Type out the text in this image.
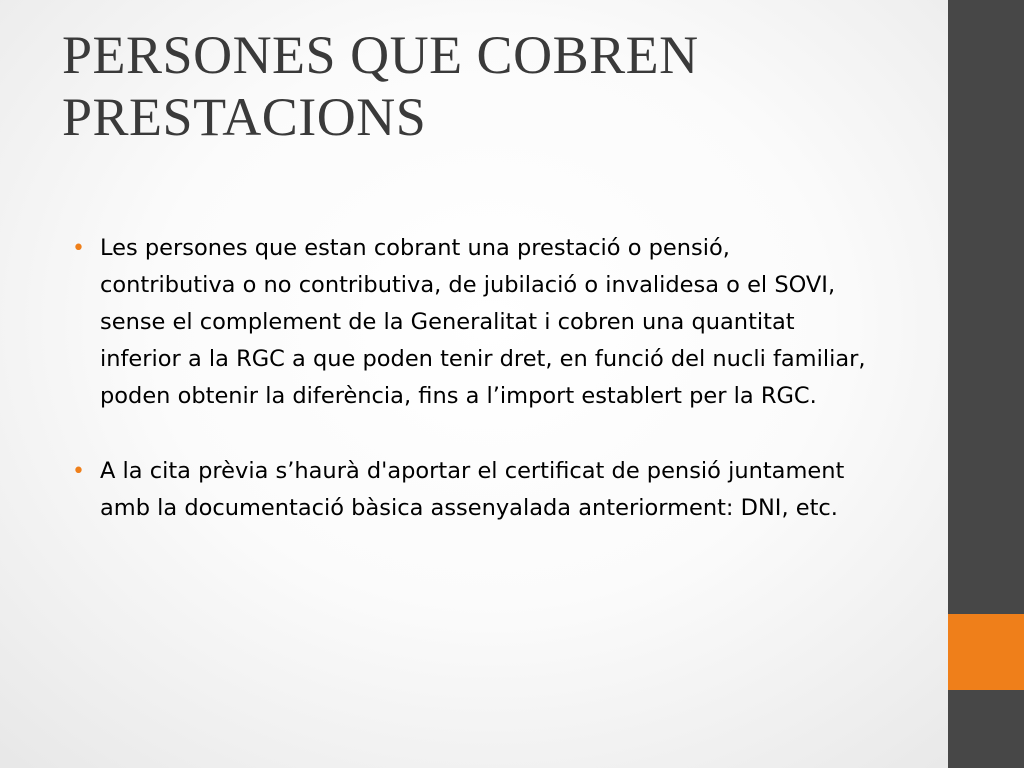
PERSONES QUE COBREN PRESTACIONS
• Les persones que estan cobrant una prestació o pensió, contributiva o no contributiva, de jubilació o invalidesa o el SOVI, sense el complement de la Generalitat i cobren una quantitat inferior a la RGC a que poden tenir dret, en funció del nucli familiar, poden obtenir la diferència, fins a l’import establert per la RGC.
• A la cita prèvia s’haurà d'aportar el certificat de pensió juntament amb la documentació bàsica assenyalada anteriorment: DNI, etc.
